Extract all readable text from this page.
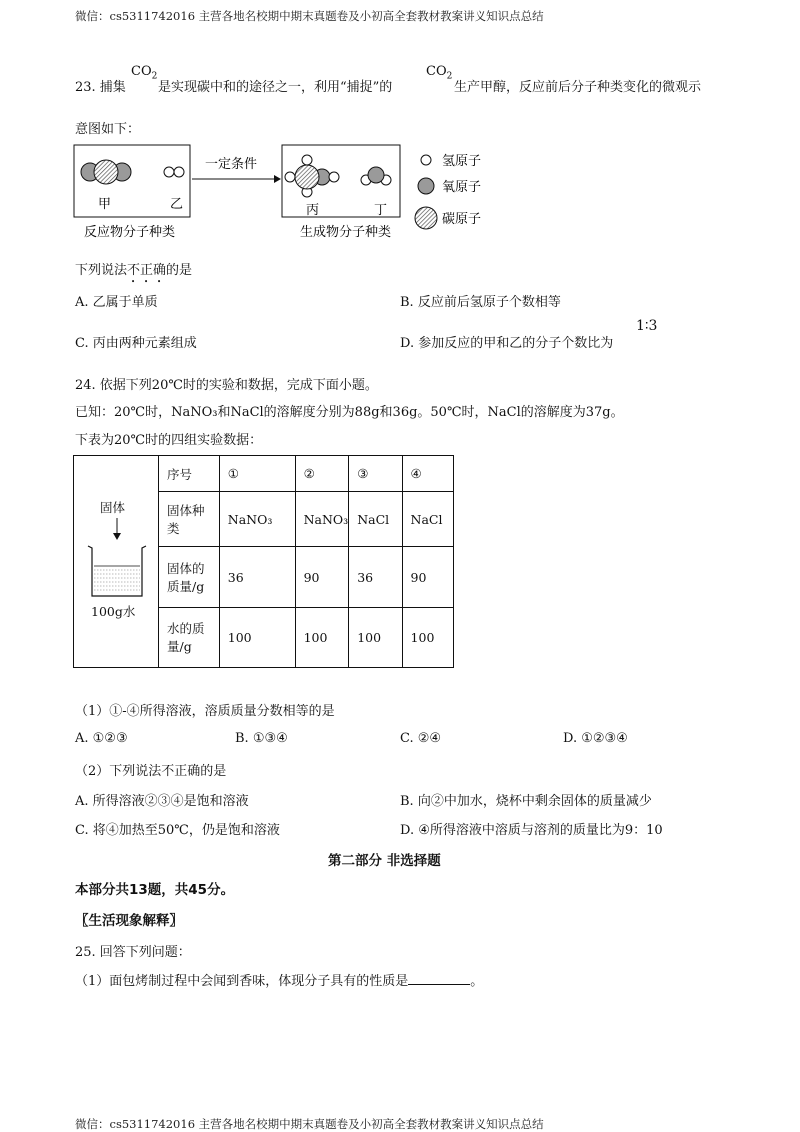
微信：cs5311742016 主营各地名校期中期末真题卷及小初高全套教材教案讲义知识点总结
23. 捕集
$CO_2$
是实现碳中和的途径之一，利用“捕捉”的
$CO_2$
生产甲醇，反应前后分子种类变化的微观示
意图如下：
甲	乙
一定条件
丙	丁
反应物分子种类	生成物分子种类
氢原子
氧原子
碳原子
下列说法不正确的是
A. 乙属于单质	B. 反应前后氢原子个数相等
C. 丙由两种元素组成	D. 参加反应的甲和乙的分子个数比为
1∶3
24. 依据下列20℃时的实验和数据，完成下面小题。
已知：20℃时，NaNO₃和NaCl的溶解度分别为88g和36g。50℃时，NaCl的溶解度为37g。
下表为20℃时的四组实验数据：
固体
100g水	序号	①	②	③	④
	固体种类	NaNO₃	NaNO₃	NaCl	NaCl
	固体的质量/g	36	90	36	90
	水的质量/g	100	100	100	100
（1）①-④所得溶液，溶质质量分数相等的是
A. ①②③	B. ①③④	C. ②④	D. ①②③④
（2）下列说法不正确的是
A. 所得溶液②③④是饱和溶液	B. 向②中加水，烧杯中剩余固体的质量减少
C. 将④加热至50℃，仍是饱和溶液	D. ④所得溶液中溶质与溶剂的质量比为9：10
第二部分 非选择题
本部分共13题，共45分。
〖生活现象解释〗
25. 回答下列问题：
（1）面包烤制过程中会闻到香味，体现分子具有的性质是	。
微信：cs5311742016 主营各地名校期中期末真题卷及小初高全套教材教案讲义知识点总结
